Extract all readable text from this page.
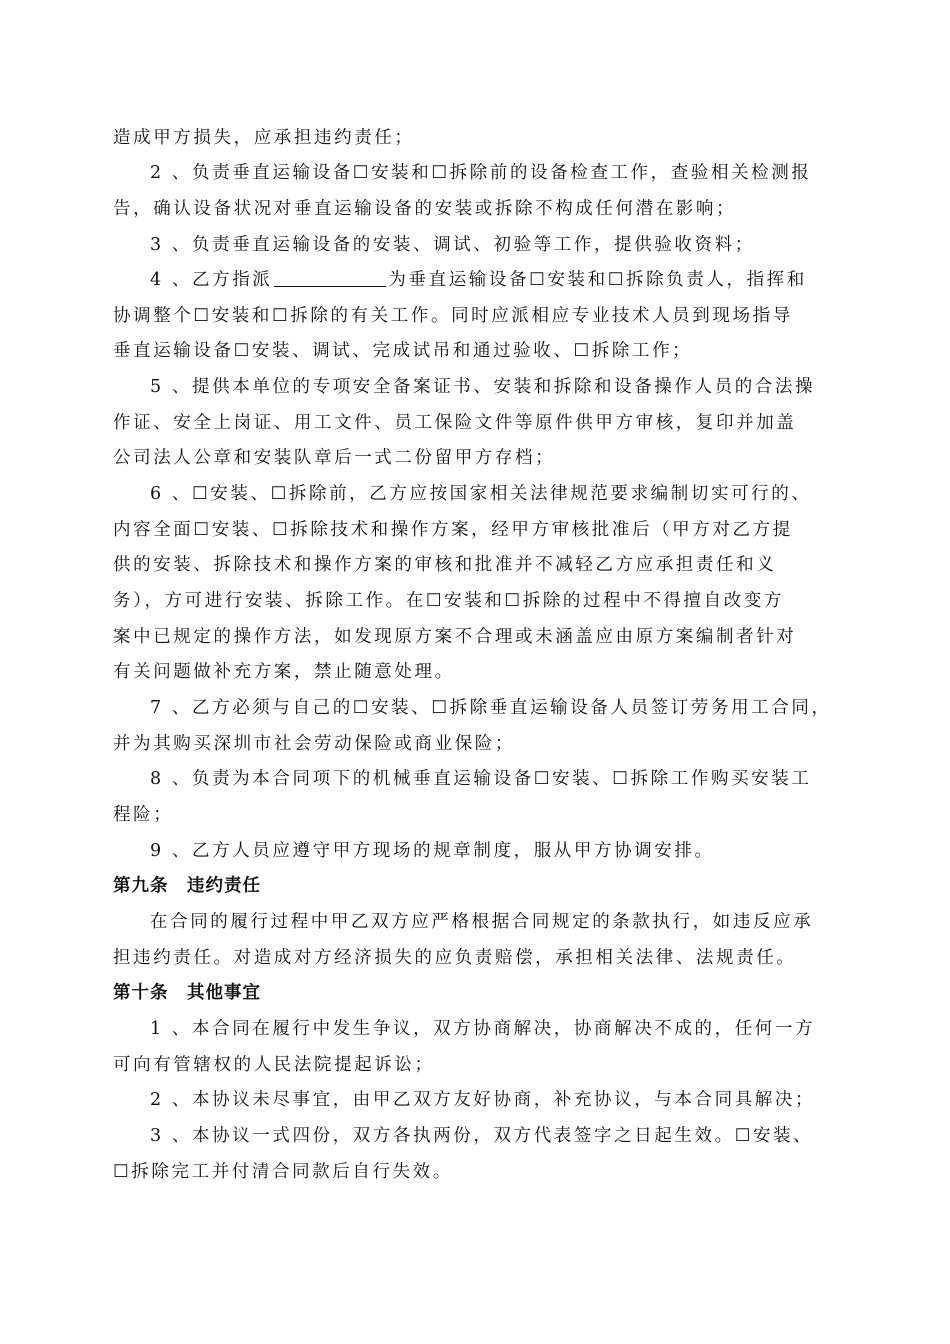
造成甲方损失，应承担违约责任；
2 、负责垂直运输设备☐安装和☐拆除前的设备检查工作，查验相关检测报
告，确认设备状况对垂直运输设备的安装或拆除不构成任何潜在影响；
3 、负责垂直运输设备的安装、调试、初验等工作，提供验收资料；
4 、乙方指派	为垂直运输设备☐安装和☐拆除负责人，指挥和
协调整个☐安装和☐拆除的有关工作。同时应派相应专业技术人员到现场指导
垂直运输设备☐安装、调试、完成试吊和通过验收、☐拆除工作；
5 、提供本单位的专项安全备案证书、安装和拆除和设备操作人员的合法操
作证、安全上岗证、用工文件、员工保险文件等原件供甲方审核，复印并加盖
公司法人公章和安装队章后一式二份留甲方存档；
6 、☐安装、☐拆除前，乙方应按国家相关法律规范要求编制切实可行的、
内容全面☐安装、☐拆除技术和操作方案，经甲方审核批准后（甲方对乙方提
供的安装、拆除技术和操作方案的审核和批准并不减轻乙方应承担责任和义
务），方可进行安装、拆除工作。在☐安装和☐拆除的过程中不得擅自改变方
案中已规定的操作方法，如发现原方案不合理或未涵盖应由原方案编制者针对
有关问题做补充方案，禁止随意处理。
7 、乙方必须与自己的☐安装、☐拆除垂直运输设备人员签订劳务用工合同，
并为其购买深圳市社会劳动保险或商业保险；
8 、负责为本合同项下的机械垂直运输设备☐安装、☐拆除工作购买安装工
程险；
9 、乙方人员应遵守甲方现场的规章制度，服从甲方协调安排。
第九条　违约责任
在合同的履行过程中甲乙双方应严格根据合同规定的条款执行，如违反应承
担违约责任。对造成对方经济损失的应负责赔偿，承担相关法律、法规责任。
第十条　其他事宜
1 、本合同在履行中发生争议，双方协商解决，协商解决不成的，任何一方
可向有管辖权的人民法院提起诉讼；
2 、本协议未尽事宜，由甲乙双方友好协商，补充协议，与本合同具解决；
3 、本协议一式四份，双方各执两份，双方代表签字之日起生效。☐安装、
☐拆除完工并付清合同款后自行失效。
